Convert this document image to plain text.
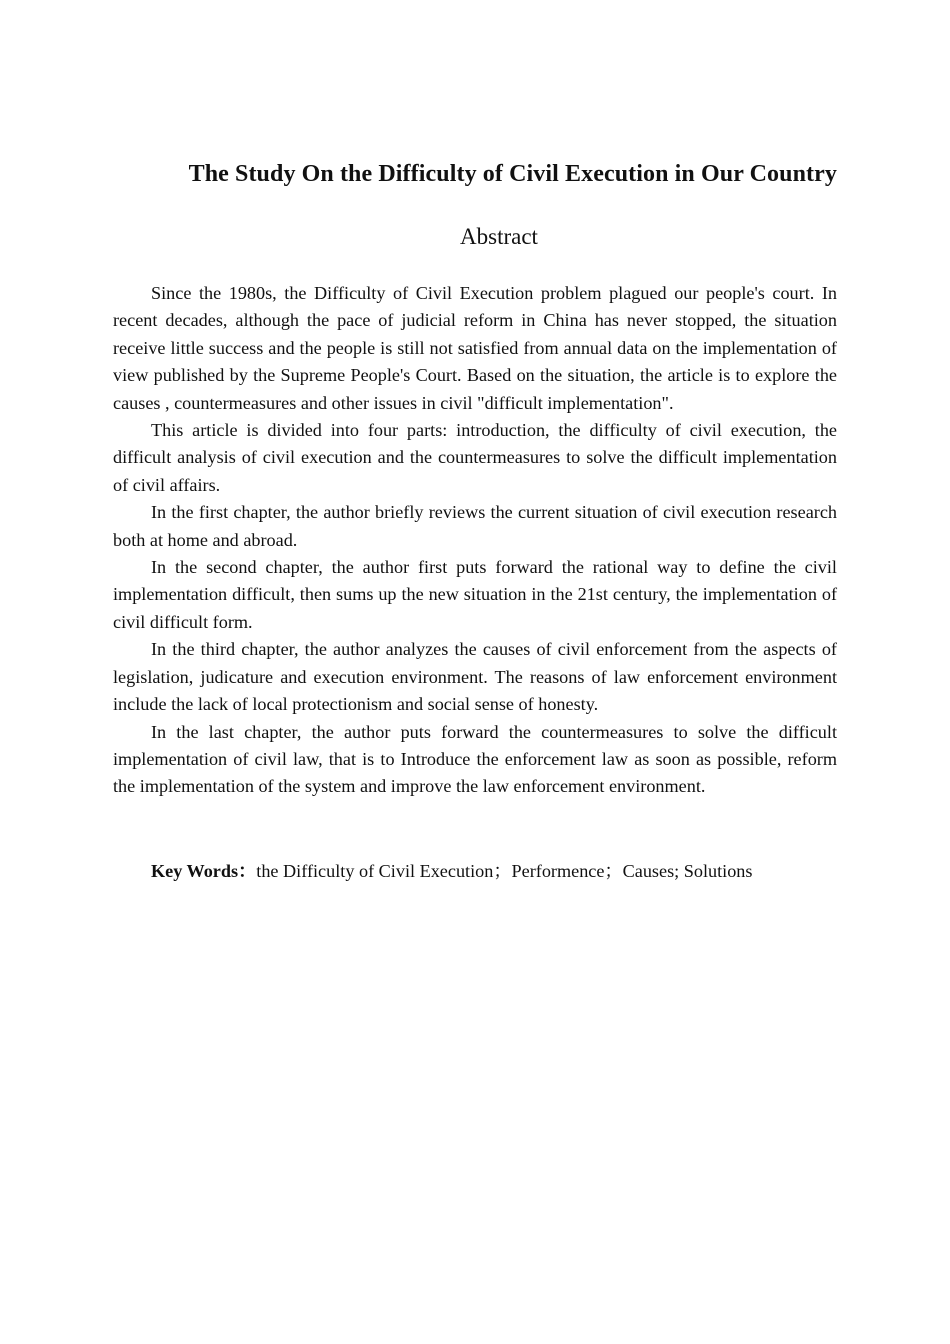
The Study On the Difficulty of Civil Execution in Our Country
Abstract

Since the 1980s, the Difficulty of Civil Execution problem plagued our people's court. In recent decades, although the pace of judicial reform in China has never stopped, the situation receive little success and the people is still not satisfied from annual data on the implementation of view published by the Supreme People's Court. Based on the situation, the article is to explore the causes , countermeasures and other issues in civil "difficult implementation".

This article is divided into four parts: introduction, the difficulty of civil execution, the difficult analysis of civil execution and the countermeasures to solve the difficult implementation of civil affairs.

In the first chapter, the author briefly reviews the current situation of civil execution research both at home and abroad.

In the second chapter, the author first puts forward the rational way to define the civil implementation difficult, then sums up the new situation in the 21st century, the implementation of civil difficult form.

In the third chapter, the author analyzes the causes of civil enforcement from the aspects of legislation, judicature and execution environment. The reasons of law enforcement environment include the lack of local protectionism and social sense of honesty.

In the last chapter, the author puts forward the countermeasures to solve the difficult implementation of civil law, that is to Introduce the enforcement law as soon as possible, reform the implementation of the system and improve the law enforcement environment.

Key Words：the Difficulty of Civil Execution；Performence；Causes; Solutions
